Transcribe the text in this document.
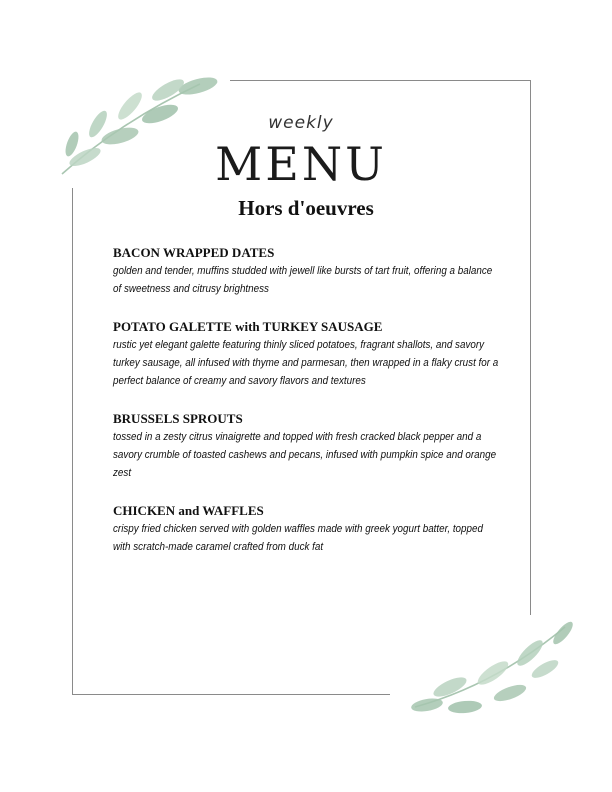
weekly
MENU
Hors d'oeuvres
BACON WRAPPED DATES
golden and tender, muffins studded with jewell like bursts of tart fruit, offering a balance of sweetness and citrusy brightness
POTATO GALETTE with TURKEY SAUSAGE
rustic yet elegant galette featuring thinly sliced potatoes, fragrant shallots, and savory turkey sausage, all infused with thyme and parmesan, then wrapped in a flaky crust for a perfect balance of creamy and savory flavors and textures
BRUSSELS SPROUTS
tossed in a zesty citrus vinaigrette and topped with fresh cracked black pepper and a savory crumble of toasted cashews and pecans, infused with pumpkin spice and orange zest
CHICKEN and WAFFLES
crispy fried chicken served with golden waffles made with greek yogurt batter, topped with scratch-made caramel crafted from duck fat
